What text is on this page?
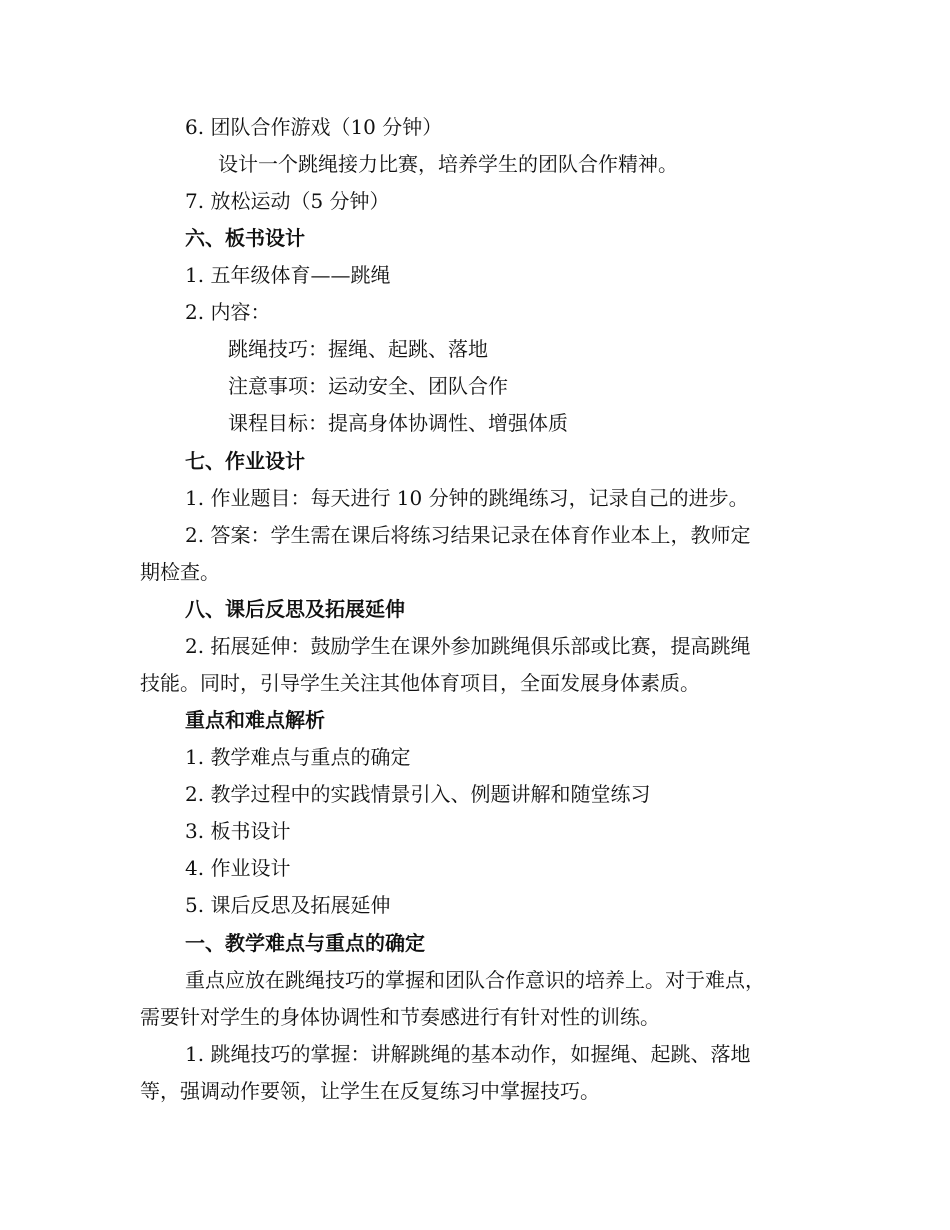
6. 团队合作游戏（10 分钟）
设计一个跳绳接力比赛，培养学生的团队合作精神。
7. 放松运动（5 分钟）
六、板书设计
1. 五年级体育——跳绳
2. 内容：
跳绳技巧：握绳、起跳、落地
注意事项：运动安全、团队合作
课程目标：提高身体协调性、增强体质
七、作业设计
1. 作业题目：每天进行 10 分钟的跳绳练习，记录自己的进步。
2. 答案：学生需在课后将练习结果记录在体育作业本上，教师定
期检查。
八、课后反思及拓展延伸
2. 拓展延伸：鼓励学生在课外参加跳绳俱乐部或比赛，提高跳绳
技能。同时，引导学生关注其他体育项目，全面发展身体素质。
重点和难点解析
1. 教学难点与重点的确定
2. 教学过程中的实践情景引入、例题讲解和随堂练习
3. 板书设计
4. 作业设计
5. 课后反思及拓展延伸
一、教学难点与重点的确定
重点应放在跳绳技巧的掌握和团队合作意识的培养上。对于难点，
需要针对学生的身体协调性和节奏感进行有针对性的训练。
1. 跳绳技巧的掌握：讲解跳绳的基本动作，如握绳、起跳、落地
等，强调动作要领，让学生在反复练习中掌握技巧。
